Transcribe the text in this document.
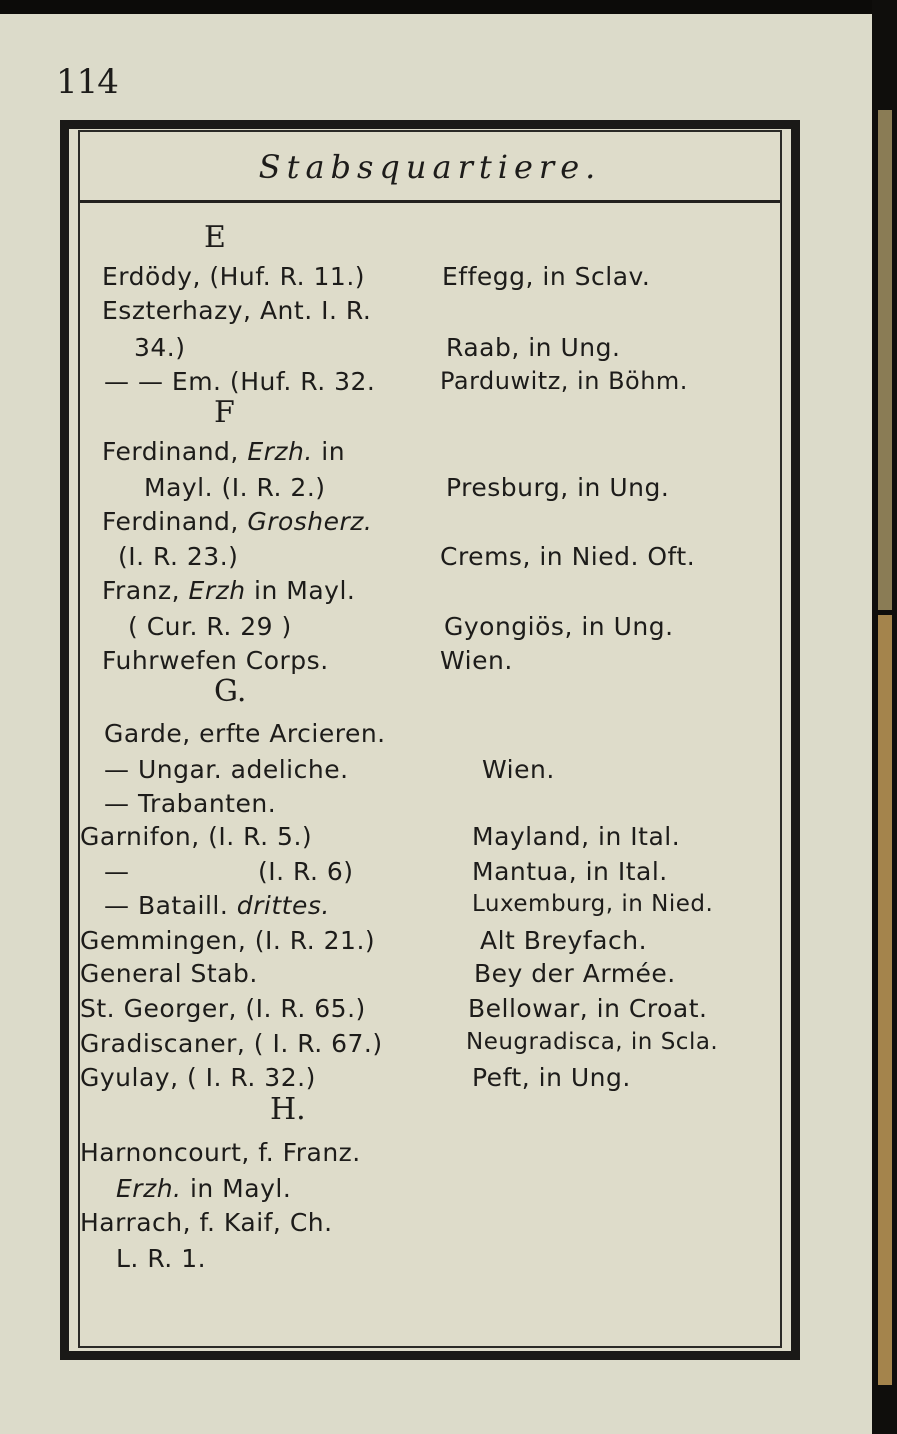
114
Stabsquartiere.
E
Erdödy, (Huf. R. 11.)	Effegg, in Sclav.
Eszterhazy, Ant. I. R.
34.)	Raab, in Ung.
— — Em. (Huf. R. 32.	Parduwitz, in Böhm.
F
Ferdinand, Erzh. in
Mayl. (I. R. 2.)	Presburg, in Ung.
Ferdinand, Grosherz.
(I. R. 23.)	Crems, in Nied. Oft.
Franz, Erzh in Mayl.
( Cur. R. 29 )	Gyongiös, in Ung.
Fuhrwefen Corps.	Wien.
G.
Garde, erfte Arcieren.
— Ungar. adeliche.	Wien.
— Trabanten.
Garnifon, (I. R. 5.)	Mayland, in Ital.
—	(I. R. 6)	Mantua, in Ital.
— Bataill. drittes.	Luxemburg, in Nied.
Gemmingen, (I. R. 21.)	Alt Breyfach.
General Stab.	Bey der Armée.
St. Georger, (I. R. 65.)	Bellowar, in Croat.
Gradiscaner, ( I. R. 67.)	Neugradisca, in Scla.
Gyulay, ( I. R. 32.)	Peft, in Ung.
H.
Harnoncourt, f. Franz.
Erzh. in Mayl.
Harrach, f. Kaif, Ch.
L. R. 1.
